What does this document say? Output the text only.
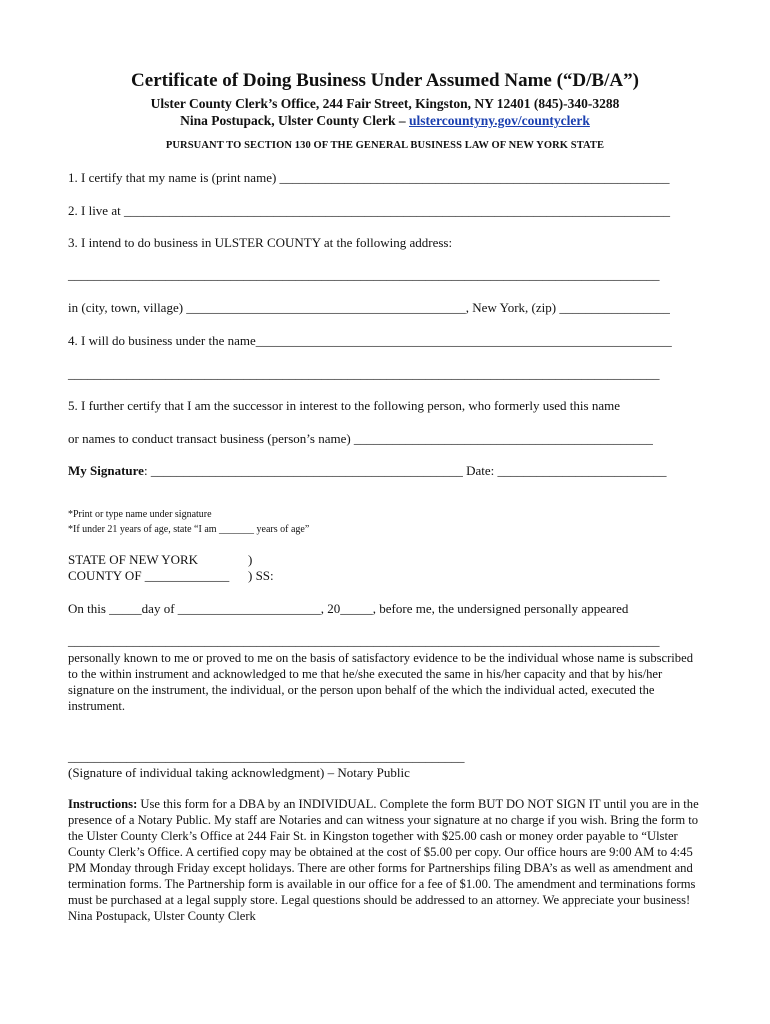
Certificate of Doing Business Under Assumed Name (“D/B/A”)
Ulster County Clerk’s Office, 244 Fair Street, Kingston, NY 12401 (845)-340-3288
Nina Postupack, Ulster County Clerk – ulstercountyny.gov/countyclerk
PURSUANT TO SECTION 130 OF THE GENERAL BUSINESS LAW OF NEW YORK STATE
1. I certify that my name is (print name) ____________________________________________________________
2. I live at ____________________________________________________________________________________
3. I intend to do business in ULSTER COUNTY at the following address:
___________________________________________________________________________________________
in (city, town, village) ___________________________________________, New York, (zip) _________________
4. I will do business under the name________________________________________________________________
___________________________________________________________________________________________
5. I further certify that I am the successor in interest to the following person, who formerly used this name
or names to conduct transact business (person’s name) ______________________________________________
My Signature: ________________________________________________ Date: __________________________
*Print or type name under signature
*If under 21 years of age, state “I am _______ years of age”
STATE OF NEW YORK	)
COUNTY OF _____________ ) SS:
On this _____day of ______________________, 20_____, before me, the undersigned personally appeared
___________________________________________________________________________________________
personally known to me or proved to me on the basis of satisfactory evidence to be the individual whose name is subscribed to the within instrument and acknowledged to me that he/she executed the same in his/her capacity and that by his/her signature on the instrument, the individual, or the person upon behalf of the which the individual acted, executed the instrument.
_____________________________________________________________
(Signature of individual taking acknowledgment) – Notary Public
Instructions: Use this form for a DBA by an INDIVIDUAL. Complete the form BUT DO NOT SIGN IT until you are in the presence of a Notary Public. My staff are Notaries and can witness your signature at no charge if you wish. Bring the form to the Ulster County Clerk’s Office at 244 Fair St. in Kingston together with $25.00 cash or money order payable to “Ulster County Clerk’s Office. A certified copy may be obtained at the cost of $5.00 per copy. Our office hours are 9:00 AM to 4:45 PM Monday through Friday except holidays. There are other forms for Partnerships filing DBA’s as well as amendment and termination forms. The Partnership form is available in our office for a fee of $1.00. The amendment and terminations forms must be purchased at a legal supply store. Legal questions should be addressed to an attorney. We appreciate your business! Nina Postupack, Ulster County Clerk
